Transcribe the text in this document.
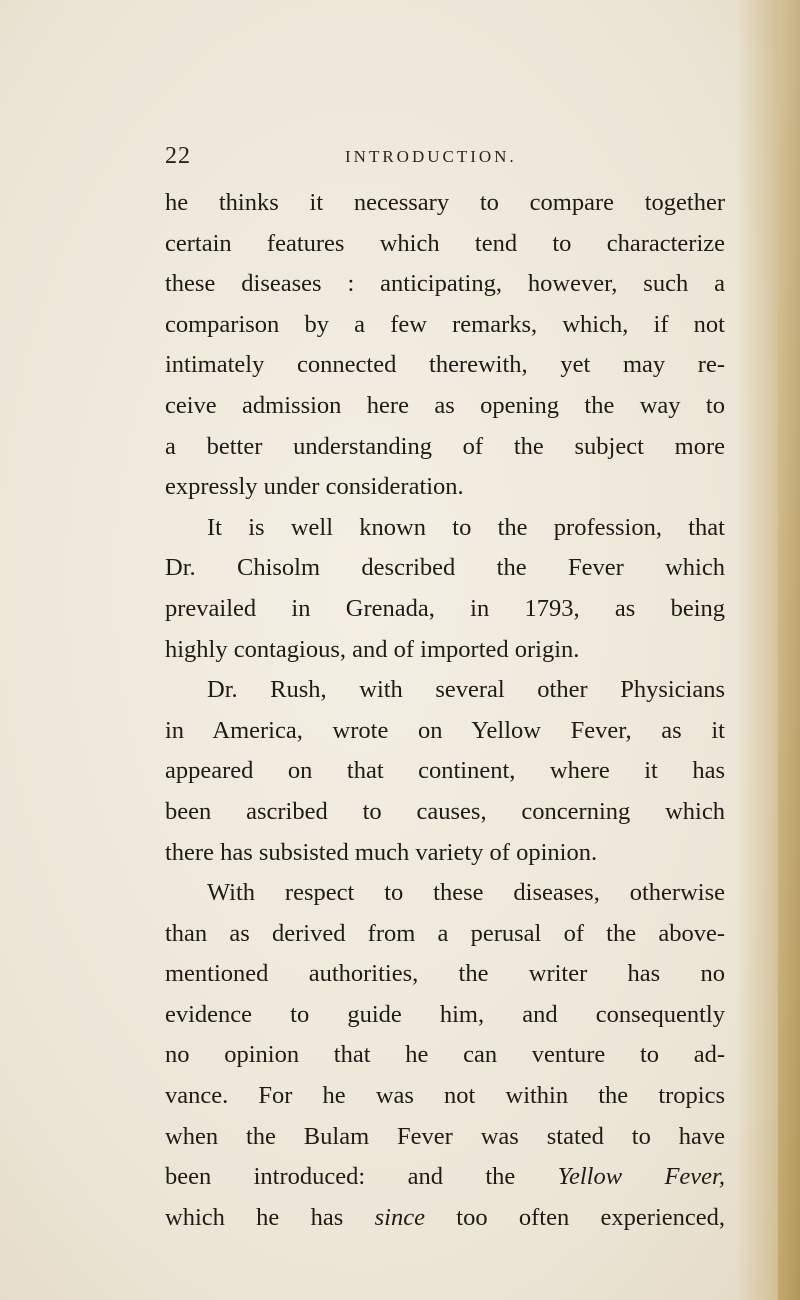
22	INTRODUCTION.
he thinks it necessary to compare together
certain features which tend to characterize
these diseases : anticipating, however, such a
comparison by a few remarks, which, if not
intimately connected therewith, yet may re-
ceive admission here as opening the way to
a better understanding of the subject more
expressly under consideration.
It is well known to the profession, that
Dr. Chisolm described the Fever which
prevailed in Grenada, in 1793, as being
highly contagious, and of imported origin.
Dr. Rush, with several other Physicians
in America, wrote on Yellow Fever, as it
appeared on that continent, where it has
been ascribed to causes, concerning which
there has subsisted much variety of opinion.
With respect to these diseases, otherwise
than as derived from a perusal of the above-
mentioned authorities, the writer has no
evidence to guide him, and consequently
no opinion that he can venture to ad-
vance. For he was not within the tropics
when the Bulam Fever was stated to have
been introduced: and the Yellow Fever,
which he has since too often experienced,
